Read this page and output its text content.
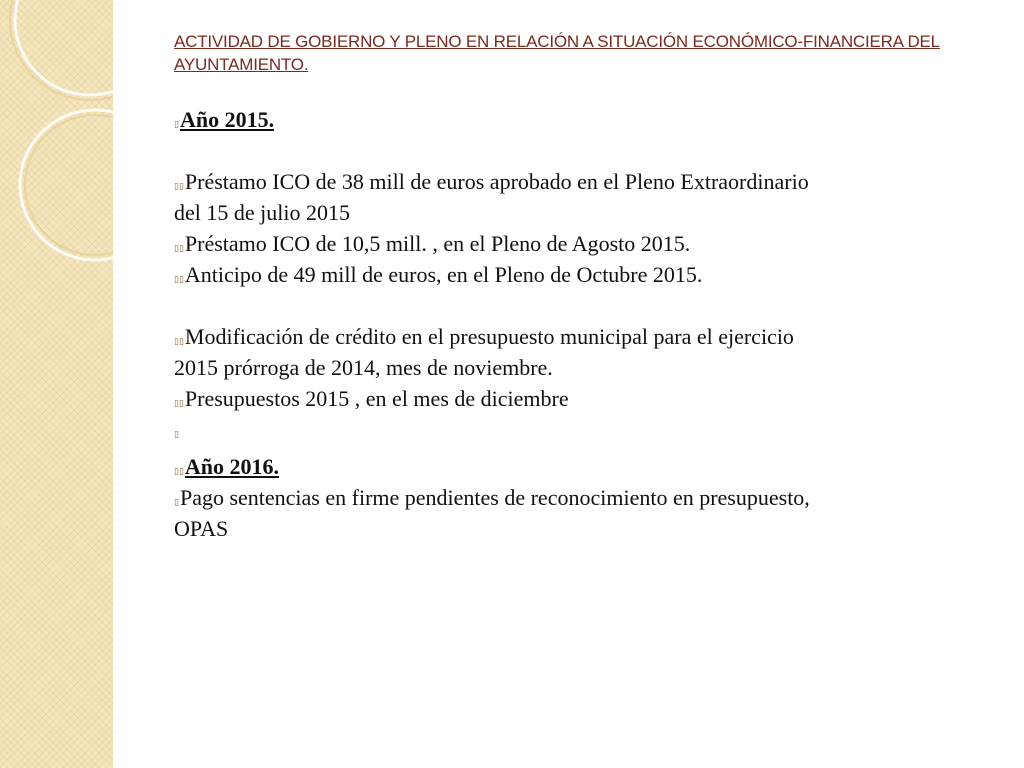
ACTIVIDAD DE GOBIERNO Y PLENO EN RELACIÓN A SITUACIÓN ECONÓMICO-FINANCIERA DEL AYUNTAMIENTO.

▯Año 2015.

▯▯Préstamo ICO de 38 mill de euros aprobado en el Pleno Extraordinario del 15 de julio 2015

▯▯Préstamo ICO de 10,5 mill. , en el Pleno de Agosto 2015.

▯▯Anticipo de 49 mill de euros, en el Pleno de Octubre 2015.

▯▯Modificación de crédito en el presupuesto municipal para el ejercicio 2015 prórroga de 2014, mes de noviembre.

▯▯Presupuestos 2015 , en el mes de diciembre

▯

▯▯Año 2016.

▯Pago sentencias en firme pendientes de reconocimiento en presupuesto, OPAS
